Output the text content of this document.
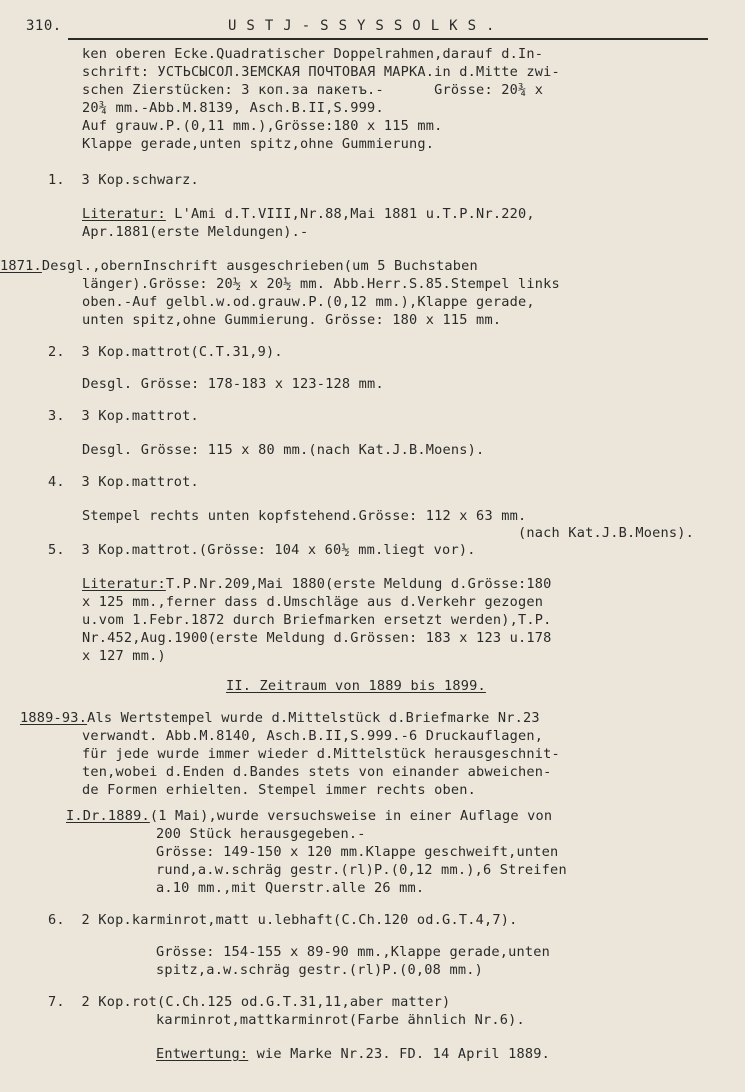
310.	USTJ-SSYSSOLKS.
ken oberen Ecke.Quadratischer Doppelrahmen,darauf d.In-
schrift: УСТЬСЫСОЛ.ЗЕМСКАЯ ПОЧТОВАЯ МАРКА.in d.Mitte zwi-
schen Zierstücken: 3 коп.за пакетъ.-      Grösse: 20¾ x
20¾ mm.-Abb.M.8139, Asch.B.II,S.999.
Auf grauw.P.(0,11 mm.),Grösse:180 x 115 mm.
Klappe gerade,unten spitz,ohne Gummierung.
1.  3 Kop.schwarz.
Literatur: L'Ami d.T.VIII,Nr.88,Mai 1881 u.T.P.Nr.220,
Apr.1881(erste Meldungen).-
1871.Desgl.,obernInschrift ausgeschrieben(um 5 Buchstaben
länger).Grösse: 20½ x 20½ mm. Abb.Herr.S.85.Stempel links
oben.-Auf gelbl.w.od.grauw.P.(0,12 mm.),Klappe gerade,
unten spitz,ohne Gummierung. Grösse: 180 x 115 mm.
2.  3 Kop.mattrot(C.T.31,9).
Desgl. Grösse: 178-183 x 123-128 mm.
3.  3 Kop.mattrot.
Desgl. Grösse: 115 x 80 mm.(nach Kat.J.B.Moens).
4.  3 Kop.mattrot.
Stempel rechts unten kopfstehend.Grösse: 112 x 63 mm.
(nach Kat.J.B.Moens).
5.  3 Kop.mattrot.(Grösse: 104 x 60½ mm.liegt vor).
Literatur:T.P.Nr.209,Mai 1880(erste Meldung d.Grösse:180
x 125 mm.,ferner dass d.Umschläge aus d.Verkehr gezogen
u.vom 1.Febr.1872 durch Briefmarken ersetzt werden),T.P.
Nr.452,Aug.1900(erste Meldung d.Grössen: 183 x 123 u.178
x 127 mm.)
II. Zeitraum von 1889 bis 1899.
1889-93.Als Wertstempel wurde d.Mittelstück d.Briefmarke Nr.23
verwandt. Abb.M.8140, Asch.B.II,S.999.-6 Druckauflagen,
für jede wurde immer wieder d.Mittelstück herausgeschnit-
ten,wobei d.Enden d.Bandes stets von einander abweichen-
de Formen erhielten. Stempel immer rechts oben.
I.Dr.1889.(1 Mai),wurde versuchsweise in einer Auflage von
200 Stück herausgegeben.-
Grösse: 149-150 x 120 mm.Klappe geschweift,unten
rund,a.w.schräg gestr.(rl)P.(0,12 mm.),6 Streifen
a.10 mm.,mit Querstr.alle 26 mm.
6.  2 Kop.karminrot,matt u.lebhaft(C.Ch.120 od.G.T.4,7).
Grösse: 154-155 x 89-90 mm.,Klappe gerade,unten
spitz,a.w.schräg gestr.(rl)P.(0,08 mm.)
7.  2 Kop.rot(C.Ch.125 od.G.T.31,11,aber matter)
karminrot,mattkarminrot(Farbe ähnlich Nr.6).
Entwertung: wie Marke Nr.23. FD. 14 April 1889.
